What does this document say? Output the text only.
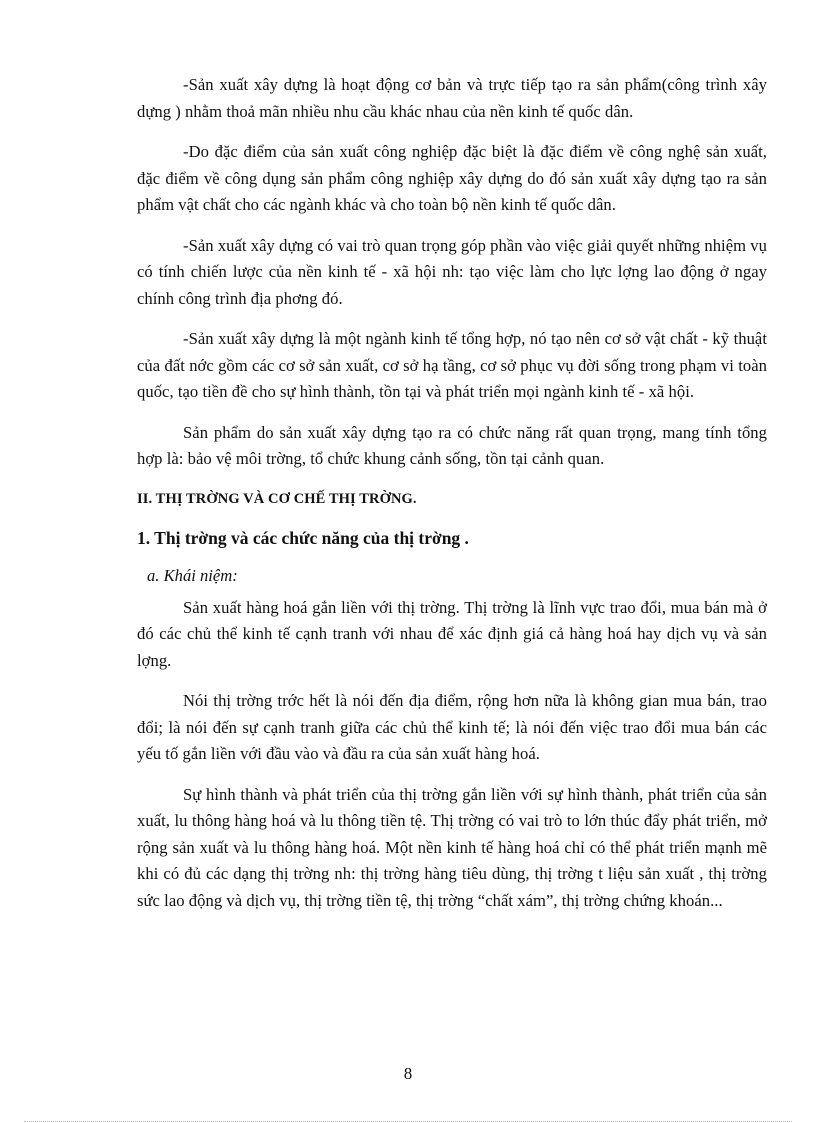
-Sản xuất xây dựng là hoạt động cơ bản và trực tiếp tạo ra sản phẩm(công trình xây dựng ) nhằm thoả mãn nhiều nhu cầu khác nhau của nền kinh tế quốc dân.

-Do đặc điểm của sản xuất công nghiệp đặc biệt là đặc điểm về công nghệ sản xuất, đặc điểm về công dụng sản phẩm công nghiệp xây dựng do đó sản xuất xây dựng tạo ra sản phẩm vật chất cho các ngành khác và cho toàn bộ nền kinh tế quốc dân.

-Sản xuất xây dựng có vai trò quan trọng góp phần vào việc giải quyết những nhiệm vụ có tính chiến lược của nền kinh tế - xã hội nh: tạo việc làm cho lực lợng lao động ở ngay chính công trình địa phơng đó.

-Sản xuất xây dựng là một ngành kinh tế tổng hợp, nó tạo nên cơ sở vật chất - kỹ thuật của đất nớc gồm các cơ sở sản xuất, cơ sở hạ tầng, cơ sở phục vụ đời sống trong phạm vi toàn quốc, tạo tiền đề cho sự hình thành, tồn tại và phát triển mọi ngành kinh tế - xã hội.

Sản phẩm do sản xuất xây dựng tạo ra có chức năng rất quan trọng, mang tính tổng hợp là: bảo vệ môi trờng, tổ chức khung cảnh sống, tồn tại cảnh quan.

II. THỊ TRỜNG VÀ CƠ CHẾ THỊ TRỜNG.
1. Thị trờng và các chức năng của thị trờng .

a. Khái niệm:

Sản xuất hàng hoá gắn liền với thị trờng. Thị trờng là lĩnh vực trao đổi, mua bán mà ở đó các chủ thể kinh tế cạnh tranh với nhau để xác định giá cả hàng hoá hay dịch vụ và sản lợng.

Nói thị trờng trớc hết là nói đến địa điểm, rộng hơn nữa là không gian mua bán, trao đổi; là nói đến sự cạnh tranh giữa các chủ thể kinh tế; là nói đến việc trao đổi mua bán các yếu tố gắn liền với đầu vào và đầu ra của sản xuất hàng hoá.

Sự hình thành và phát triển của thị trờng gắn liền với sự hình thành, phát triển của sản xuất, lu thông hàng hoá và lu thông tiền tệ. Thị trờng có vai trò to lớn thúc đẩy phát triển, mở rộng sản xuất và lu thông hàng hoá. Một nền kinh tế hàng hoá chỉ có thể phát triển mạnh mẽ khi có đủ các dạng thị trờng nh: thị trờng hàng tiêu dùng, thị trờng t liệu sản xuất , thị trờng sức lao động và dịch vụ, thị trờng tiền tệ, thị trờng “chất xám”, thị trờng chứng khoán...

8
